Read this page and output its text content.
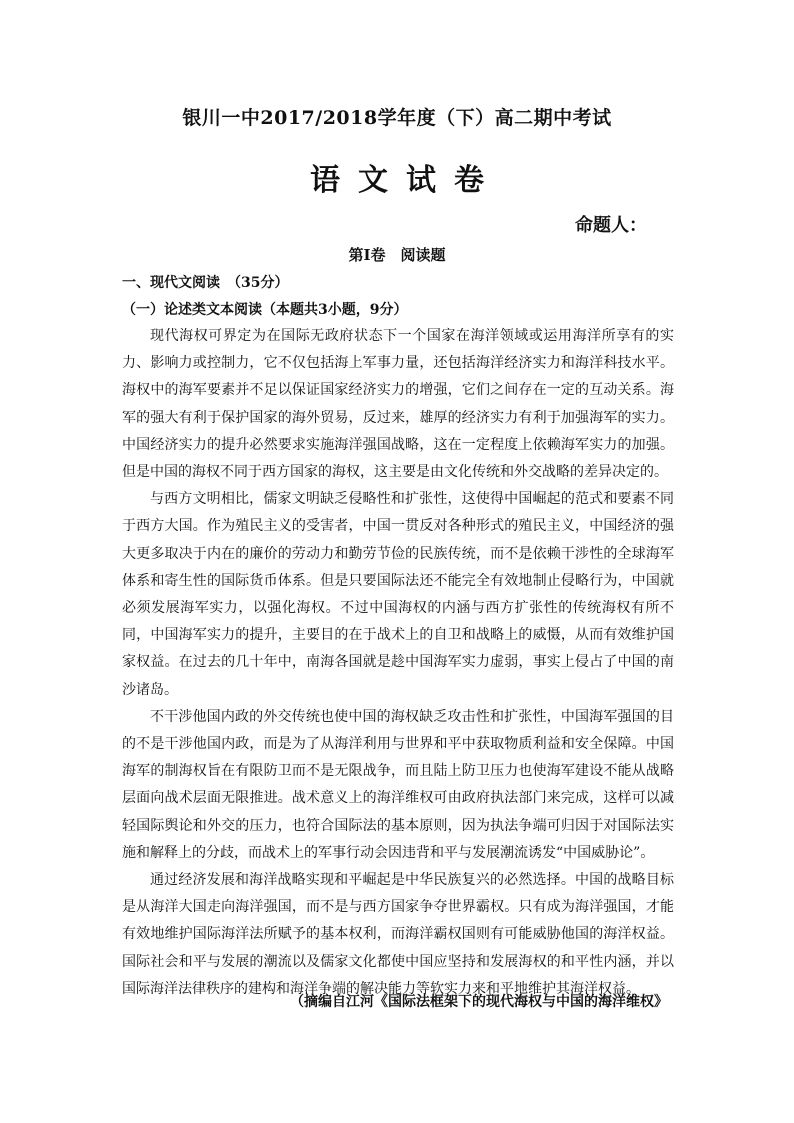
银川一中2017/2018学年度（下）高二期中考试
语文试卷
命题人：
第Ⅰ卷　阅读题
一、现代文阅读　（35分）
（一）论述类文本阅读（本题共3小题，9分）

现代海权可界定为在国际无政府状态下一个国家在海洋领域或运用海洋所享有的实力、影响力或控制力，它不仅包括海上军事力量，还包括海洋经济实力和海洋科技水平。海权中的海军要素并不足以保证国家经济实力的增强，它们之间存在一定的互动关系。海军的强大有利于保护国家的海外贸易，反过来，雄厚的经济实力有利于加强海军的实力。中国经济实力的提升必然要求实施海洋强国战略，这在一定程度上依赖海军实力的加强。但是中国的海权不同于西方国家的海权，这主要是由文化传统和外交战略的差异决定的。

与西方文明相比，儒家文明缺乏侵略性和扩张性，这使得中国崛起的范式和要素不同于西方大国。作为殖民主义的受害者，中国一贯反对各种形式的殖民主义，中国经济的强大更多取决于内在的廉价的劳动力和勤劳节俭的民族传统，而不是依赖干涉性的全球海军体系和寄生性的国际货币体系。但是只要国际法还不能完全有效地制止侵略行为，中国就必须发展海军实力，以强化海权。不过中国海权的内涵与西方扩张性的传统海权有所不同，中国海军实力的提升，主要目的在于战术上的自卫和战略上的威慑，从而有效维护国家权益。在过去的几十年中，南海各国就是趁中国海军实力虚弱，事实上侵占了中国的南沙诸岛。

不干涉他国内政的外交传统也使中国的海权缺乏攻击性和扩张性，中国海军强国的目的不是干涉他国内政，而是为了从海洋利用与世界和平中获取物质利益和安全保障。中国海军的制海权旨在有限防卫而不是无限战争，而且陆上防卫压力也使海军建设不能从战略层面向战术层面无限推进。战术意义上的海洋维权可由政府执法部门来完成，这样可以减轻国际舆论和外交的压力，也符合国际法的基本原则，因为执法争端可归因于对国际法实施和解释上的分歧，而战术上的军事行动会因违背和平与发展潮流诱发“中国威胁论”。

通过经济发展和海洋战略实现和平崛起是中华民族复兴的必然选择。中国的战略目标是从海洋大国走向海洋强国，而不是与西方国家争夺世界霸权。只有成为海洋强国，才能有效地维护国际海洋法所赋予的基本权利，而海洋霸权国则有可能威胁他国的海洋权益。国际社会和平与发展的潮流以及儒家文化都使中国应坚持和发展海权的和平性内涵，并以国际海洋法律秩序的建构和海洋争端的解决能力等软实力来和平地维护其海洋权益。

（摘编自江河《国际法框架下的现代海权与中国的海洋维权》
